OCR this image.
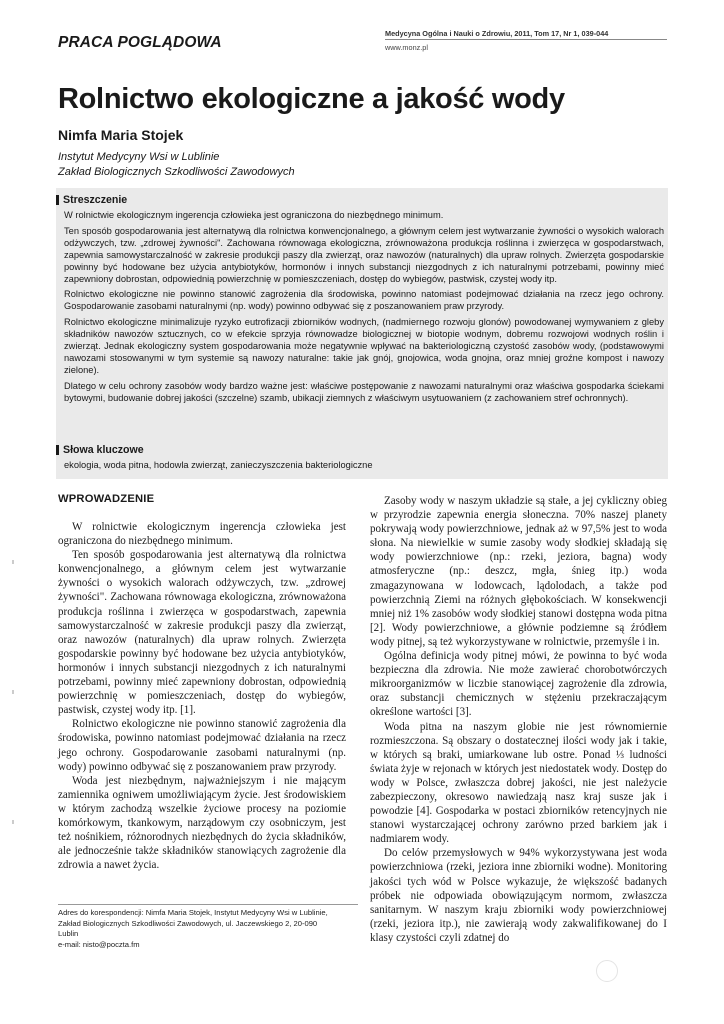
PRACA POGLĄDOWA
Medycyna Ogólna i Nauki o Zdrowiu, 2011, Tom 17, Nr 1, 039-044
www.monz.pl
Rolnictwo ekologiczne a jakość wody
Nimfa Maria Stojek
Instytut Medycyny Wsi w Lublinie
Zakład Biologicznych Szkodliwości Zawodowych
Streszczenie

W rolnictwie ekologicznym ingerencja człowieka jest ograniczona do niezbędnego minimum.

Ten sposób gospodarowania jest alternatywą dla rolnictwa konwencjonalnego, a głównym celem jest wytwarzanie żywności o wysokich walorach odżywczych, tzw. „zdrowej żywności". Zachowana równowaga ekologiczna, zrównoważona produkcja roślinna i zwierzęca w gospodarstwach, zapewnia samowystarczalność w zakresie produkcji paszy dla zwierząt, oraz nawozów (naturalnych) dla upraw rolnych. Zwierzęta gospodarskie powinny być hodowane bez użycia antybiotyków, hormonów i innych substancji niezgodnych z ich naturalnymi potrzebami, powinny mieć zapewniony dobrostan, odpowiednią powierzchnię w pomieszczeniach, dostęp do wybiegów, pastwisk, czystej wody itp.

Rolnictwo ekologiczne nie powinno stanowić zagrożenia dla środowiska, powinno natomiast podejmować działania na rzecz jego ochrony. Gospodarowanie zasobami naturalnymi (np. wody) powinno odbywać się z poszanowaniem praw przyrody.

Rolnictwo ekologiczne minimalizuje ryzyko eutrofizacji zbiorników wodnych, (nadmiernego rozwoju glonów) powodowanej wymywaniem z gleby składników nawozów sztucznych, co w efekcie sprzyja równowadze biologicznej w biotopie wodnym, dobremu rozwojowi wodnych roślin i zwierząt. Jednak ekologiczny system gospodarowania może negatywnie wpływać na bakteriologiczną czystość zasobów wody, (podstawowymi nawozami stosowanymi w tym systemie są nawozy naturalne: takie jak gnój, gnojowica, woda gnojna, oraz mniej groźne kompost i nawozy zielone).

Dlatego w celu ochrony zasobów wody bardzo ważne jest: właściwe postępowanie z nawozami naturalnymi oraz właściwa gospodarka ściekami bytowymi, budowanie dobrej jakości (szczelne) szamb, ubikacji ziemnych z właściwym usytuowaniem (z zachowaniem stref ochronnych).

Słowa kluczowe
ekologia, woda pitna, hodowla zwierząt, zanieczyszczenia bakteriologiczne
WPROWADZENIE

W rolnictwie ekologicznym ingerencja człowieka jest ograniczona do niezbędnego minimum.

Ten sposób gospodarowania jest alternatywą dla rolnictwa konwencjonalnego, a głównym celem jest wytwarzanie żywności o wysokich walorach odżywczych, tzw. „zdrowej żywności". Zachowana równowaga ekologiczna, zrównoważona produkcja roślinna i zwierzęca w gospodarstwach, zapewnia samowystarczalność w zakresie produkcji paszy dla zwierząt, oraz nawozów (naturalnych) dla upraw rolnych. Zwierzęta gospodarskie powinny być hodowane bez użycia antybiotyków, hormonów i innych substancji niezgodnych z ich naturalnymi potrzebami, powinny mieć zapewniony dobrostan, odpowiednią powierzchnię w pomieszczeniach, dostęp do wybiegów, pastwisk, czystej wody itp. [1].

Rolnictwo ekologiczne nie powinno stanowić zagrożenia dla środowiska, powinno natomiast podejmować działania na rzecz jego ochrony. Gospodarowanie zasobami naturalnymi (np. wody) powinno odbywać się z poszanowaniem praw przyrody.

Woda jest niezbędnym, najważniejszym i nie mającym zamiennika ogniwem umożliwiającym życie. Jest środowiskiem w którym zachodzą wszelkie życiowe procesy na poziomie komórkowym, tkankowym, narządowym czy osobniczym, jest też nośnikiem, różnorodnych niezbędnych do życia składników, ale jednocześnie także składników stanowiących zagrożenie dla zdrowia a nawet życia.

Zasoby wody w naszym układzie są stałe, a jej cykliczny obieg w przyrodzie zapewnia energia słoneczna. 70% naszej planety pokrywają wody powierzchniowe, jednak aż w 97,5% jest to woda słona. Na niewielkie w sumie zasoby wody słodkiej składają się wody powierzchniowe (np.: rzeki, jeziora, bagna) wody atmosferyczne (np.: deszcz, mgła, śnieg itp.) woda zmagazynowana w lodowcach, lądolodach, a także pod powierzchnią Ziemi na różnych głębokościach. W konsekwencji mniej niż 1% zasobów wody słodkiej stanowi dostępna woda pitna [2]. Wody powierzchniowe, a głównie podziemne są źródłem wody pitnej, są też wykorzystywane w rolnictwie, przemyśle i in.

Ogólna definicja wody pitnej mówi, że powinna to być woda bezpieczna dla zdrowia. Nie może zawierać chorobotwórczych mikroorganizmów w liczbie stanowiącej zagrożenie dla zdrowia, oraz substancji chemicznych w stężeniu przekraczającym określone wartości [3].

Woda pitna na naszym globie nie jest równomiernie rozmieszczona. Są obszary o dostatecznej ilości wody jak i takie, w których są braki, umiarkowane lub ostre. Ponad ⅓ ludności świata żyje w rejonach w których jest niedostatek wody. Dostęp do wody w Polsce, zwłaszcza dobrej jakości, nie jest należycie zabezpieczony, okresowo nawiedzają nasz kraj susze jak i powodzie [4]. Gospodarka w postaci zbiorników retencyjnych nie stanowi wystarczającej ochrony zarówno przed barkiem jak i nadmiarem wody.

Do celów przemysłowych w 94% wykorzystywana jest woda powierzchniowa (rzeki, jeziora inne zbiorniki wodne). Monitoring jakości tych wód w Polsce wykazuje, że większość badanych próbek nie odpowiada obowiązującym normom, zwłaszcza sanitarnym. W naszym kraju zbiorniki wody powierzchniowej (rzeki, jeziora itp.), nie zawierają wody zakwalifikowanej do I klasy czystości czyli zdatnej do

Adres do korespondencji: Nimfa Maria Stojek, Instytut Medycyny Wsi w Lublinie,
Zakład Biologicznych Szkodliwości Zawodowych, ul. Jaczewskiego 2, 20-090
Lublin
e-mail: nisto@poczta.fm
